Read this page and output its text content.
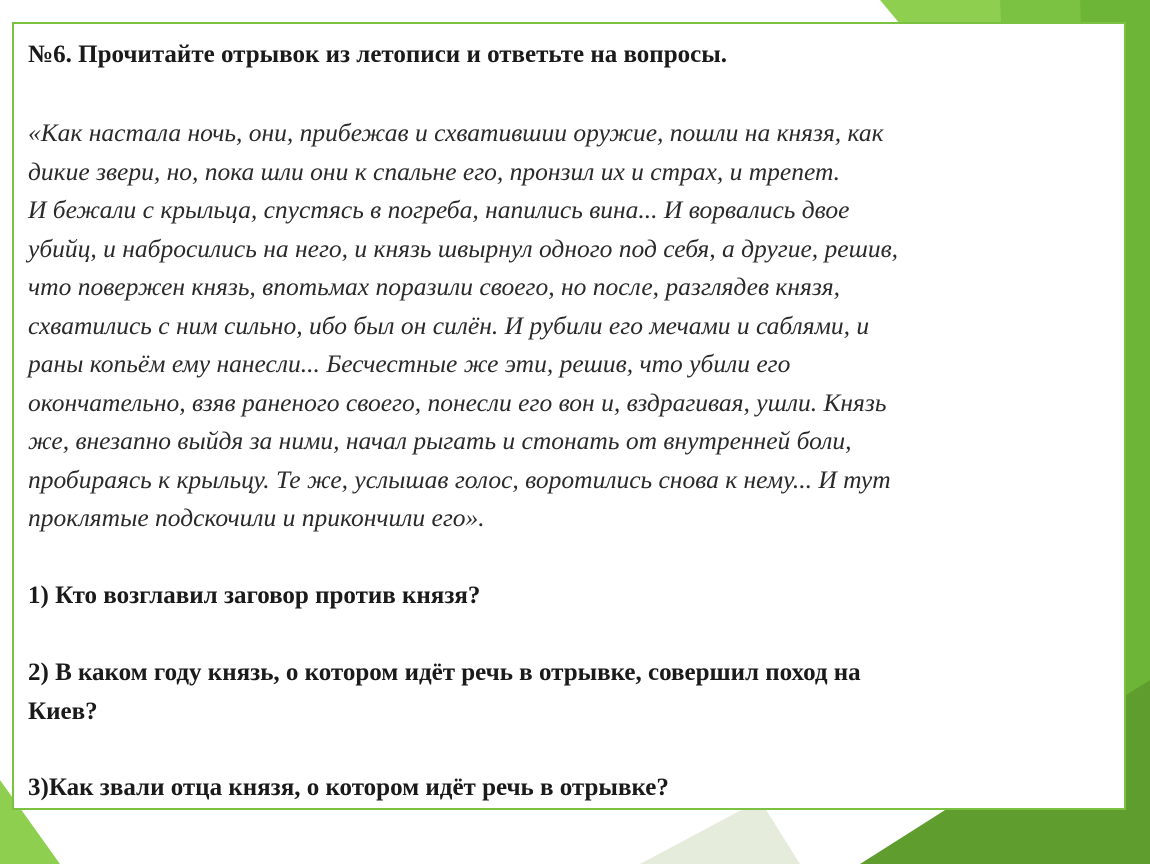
№6. Прочитайте отрывок из летописи и ответьте на вопросы.
«Как настала ночь, они, прибежав и схватившии оружие, пошли на князя, как
дикие звери, но, пока шли они к спальне его, пронзил их и страх, и трепет.
И бежали с крыльца, спустясь в погреба, напились вина... И ворвались двое
убийц, и набросились на него, и князь швырнул одного под себя, а другие, решив,
что повержен князь, впотьмах поразили своего, но после, разглядев князя,
схватились с ним сильно, ибо был он силён. И рубили его мечами и саблями, и
раны копьём ему нанесли... Бесчестные же эти, решив, что убили его
окончательно, взяв раненого своего, понесли его вон и, вздрагивая, ушли. Князь
же, внезапно выйдя за ними, начал рыгать и стонать от внутренней боли,
пробираясь к крыльцу. Те же, услышав голос, воротились снова к нему... И тут
проклятые подскочили и прикончили его».
1) Кто возглавил заговор против князя?
2) В каком году князь, о котором идёт речь в отрывке, совершил поход на
Киев?
3)Как звали отца князя, о котором идёт речь в отрывке?
